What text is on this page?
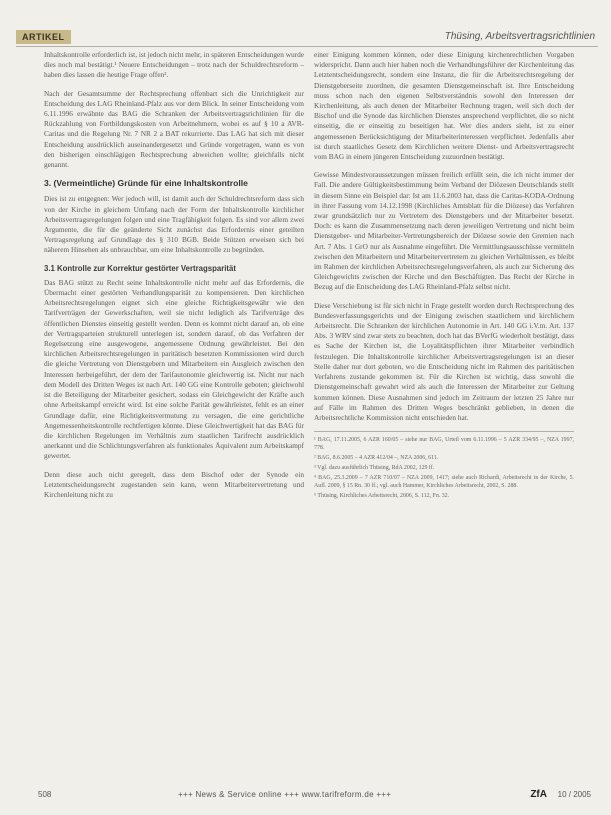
ARTIKEL	Thüsing, Arbeitsvertragsrichtlinien

Inhaltskontrolle erforderlich ist, ist jedoch nicht mehr, in späteren Entscheidungen wurde dies noch mal bestätigt.¹ Neuere Entscheidungen – trotz nach der Schuldrechtsreform – haben dies lassen die heutige Frage offen².

Nach der Gesamtsumme der Rechtsprechung offenbart sich die Unrichtigkeit zur Entscheidung des LAG Rheinland-Pfalz aus vor dem Blick. In seiner Entscheidung vom 6.11.1996 erwähnte das BAG die Schranken der Arbeitsvertragsrichtlinien für die Rückzahlung von Fortbildungskosten von Arbeitnehmern, wobei es auf § 10 a AVR-Caritas und die Regelung Nr. 7 NR 2 a BAT rekurrierte. Das LAG hat sich mit dieser Entscheidung ausdrücklich auseinandergesetzt und Gründe vorgetragen, wann es von den bisherigen einschlägigen Rechtsprechung abweichen wollte; gleichfalls nicht genannt.

3. (Vermeintliche) Gründe für eine Inhaltskontrolle

Dies ist zu entgegnen: Wer jedoch will, ist damit auch der Schuldrechtsreform dass sich von der Kirche in gleichem Umfang nach der Form der Inhaltskontrolle kirchlicher Arbeitsvertragsregelungen folgen und eine Tragfähigkeit folgen. Es sind vor allem zwei Argumente, die für die geänderte Sicht zunächst das Erfordernis einer geteilten Vertragsregelung auf Grundlage des § 310 BGB. Beide Stützen erweisen sich bei näherem Hinsehen als unbrauchbar, um eine Inhaltskontrolle zu begründen.

3.1 Kontrolle zur Korrektur gestörter Vertragsparität

Das BAG stützt zu Recht seine Inhaltskontrolle nicht mehr auf das Erfordernis, die Übermacht einer gestörten Verhandlungsparität zu kompensieren. Den kirchlichen Arbeitsrechtsregelungen eignet sich eine gleiche Richtigkeitsgewähr wie den Tarifverträgen der Gewerkschaften, weil sie nicht lediglich als Tarifverträge des öffentlichen Dienstes einseitig gestellt werden. Denn es kommt nicht darauf an, ob eine der Vertragsparteien strukturell unterlegen ist, sondern darauf, ob das Verfahren der Regelsetzung eine ausgewogene, angemessene Ordnung gewährleistet. Bei den kirchlichen Arbeitsrechtsregelungen in paritätisch besetzten Kommissionen wird durch die gleiche Vertretung von Dienstgebern und Mitarbeitern ein Ausgleich zwischen den Interessen herbeigeführt, der dem der Tarifautonomie gleichwertig ist. Nicht nur nach dem Modell des Dritten Weges ist nach Art. 140 GG eine Kontrolle geboten; gleichwohl ist die Beteiligung der Mitarbeiter gesichert, sodass ein Gleichgewicht der Kräfte auch ohne Arbeitskampf erreicht wird. Ist eine solche Parität gewährleistet, fehlt es an einer Grundlage dafür, eine Richtigkeitsvermutung zu versagen, die eine gerichtliche Angemessenheitskontrolle rechtfertigen könnte. Diese Gleichwertigkeit hat das BAG für die kirchlichen Regelungen im Verhältnis zum staatlichen Tarifrecht ausdrücklich anerkannt und die Schlichtungsverfahren als funktionales Äquivalent zum Arbeitskampf gewertet.

Denn diese auch nicht geregelt, dass dem Bischof oder der Synode ein Letztentscheidungsrecht zugestanden sein kann, wenn Mitarbeitervertretung und Kirchenleitung nicht zu

einer Einigung kommen können, oder diese Einigung kirchenrechtlichen Vorgaben widerspricht. Dann auch hier haben noch die Verhandlungsführer der Kirchenleitung das Letztentscheidungsrecht, sondern eine Instanz, die für die Arbeitsrechtsregelung der Dienstgeberseite zuordnen, die gesamten Dienstgemeinschaft ist. Ihre Entscheidung muss schon nach den eigenen Selbstverständnis sowohl den Interessen der Kirchenleitung, als auch denen der Mitarbeiter Rechnung tragen, weil sich doch der Bischof und die Synode das kirchlichen Dienstes ansprechend verpflichtet, die so nicht einseitig, die er einseitig zu beseitigen hat. Wer dies anders sieht, ist zu einer angemessenen Berücksichtigung der Mitarbeiterinteressen verpflichtet. Jedenfalls aber ist durch staatliches Gesetz dem Kirchlichen weitere Dienst- und Arbeitsvertragsrecht vom BAG in einem jüngeren Entscheidung zuzuordnen bestätigt.

Gewisse Mindestvoraussetzungen müssen freilich erfüllt sein, die ich nicht immer der Fall. Die andere Gültigkeitsbestimmung beim Verband der Diözesen Deutschlands stellt in diesem Sinne ein Beispiel dar: Ist am 11.6.2003 hat, dass die Caritas-KODA-Ordnung in ihrer Fassung vom 14.12.1998 (Kirchliches Amtsblatt für die Diözese) das Verfahren zwar grundsätzlich nur zu Vertretern des Dienstgebers und der Mitarbeiter besetzt. Doch: es kann die Zusammensetzung nach deren jeweiligen Vertretung und nicht beim Dienstgeber- und Mitarbeiter-Vertretungsbereich der Diözese sowie den Gremien nach Art. 7 Abs. 1 GrO nur als Ausnahme eingeführt. Die Vermittlungsausschüsse vermitteln zwischen den Mitarbeitern und Mitarbeitervertretern zu gleichen Verhältnissen, es bleibt im Rahmen der kirchlichen Arbeitsrechtsregelungsverfahren, als auch zur Sicherung des Gleichgewichts zwischen der Kirche und den Beschäftigten. Das Recht der Kirche in Bezug auf die Entscheidung des LAG Rheinland-Pfalz selbst nicht.

Diese Verschiebung ist für sich nicht in Frage gestellt worden durch Rechtsprechung des Bundesverfassungsgerichts und der Einigung zwischen staatlichem und kirchlichem Arbeitsrecht. Die Schranken der kirchlichen Autonomie in Art. 140 GG i.V.m. Art. 137 Abs. 3 WRV sind zwar stets zu beachten, doch hat das BVerfG wiederholt bestätigt, dass es Sache der Kirchen ist, die Loyalitätspflichten ihrer Mitarbeiter verbindlich festzulegen. Die Inhaltskontrolle kirchlicher Arbeitsvertragsregelungen ist an dieser Stelle daher nur dort geboten, wo die Entscheidung nicht im Rahmen des paritätischen Verfahrens zustande gekommen ist. Für die Kirchen ist wichtig, dass sowohl die Dienstgemeinschaft gewahrt wird als auch die Interessen der Mitarbeiter zur Geltung kommen können. Diese Ausnahmen sind jedoch im Zeitraum der letzten 25 Jahre nur auf Fälle im Rahmen des Dritten Weges beschränkt geblieben, in denen die Arbeitsrechtliche Kommission nicht entschieden hat.

¹ BAG, 17.11.2005, 6 AZR 160/05 – siehe nur BAG, Urteil vom 6.11.1996 – 5 AZR 334/95 –, NZA 1997, 778.
² BAG, 8.6.2005 – 4 AZR 412/04 –, NZA 2006, 611.
³ Vgl. dazu ausführlich Thüsing, RdA 2002, 129 ff.
⁴ BAG, 25.3.2009 – 7 AZR 710/07 – NZA 2009, 1417; siehe auch Richardi, Arbeitsrecht in der Kirche, 5. Aufl. 2009, § 15 Rn. 30 ff.; vgl. auch Hammer, Kirchliches Arbeitsrecht, 2002, S. 288.
⁵ Thüsing, Kirchliches Arbeitsrecht, 2006, S. 112, Fn. 32.
508	+++ News & Service online +++ www.tarifreform.de +++	ZfA 10 / 2005
